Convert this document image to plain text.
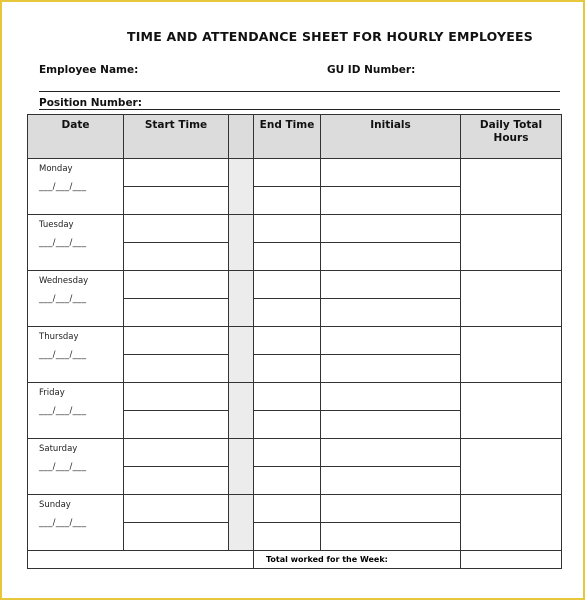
TIME AND ATTENDANCE SHEET FOR HOURLY EMPLOYEES
Employee Name:	GU ID Number:
Position Number:
Date	Start Time		End Time	Initials	Daily Total Hours
Monday
___/___/___					

Tuesday
___/___/___					

Wednesday
___/___/___					

Thursday
___/___/___					

Friday
___/___/___					

Saturday
___/___/___					

Sunday
___/___/___					

			Total worked for the Week:		
